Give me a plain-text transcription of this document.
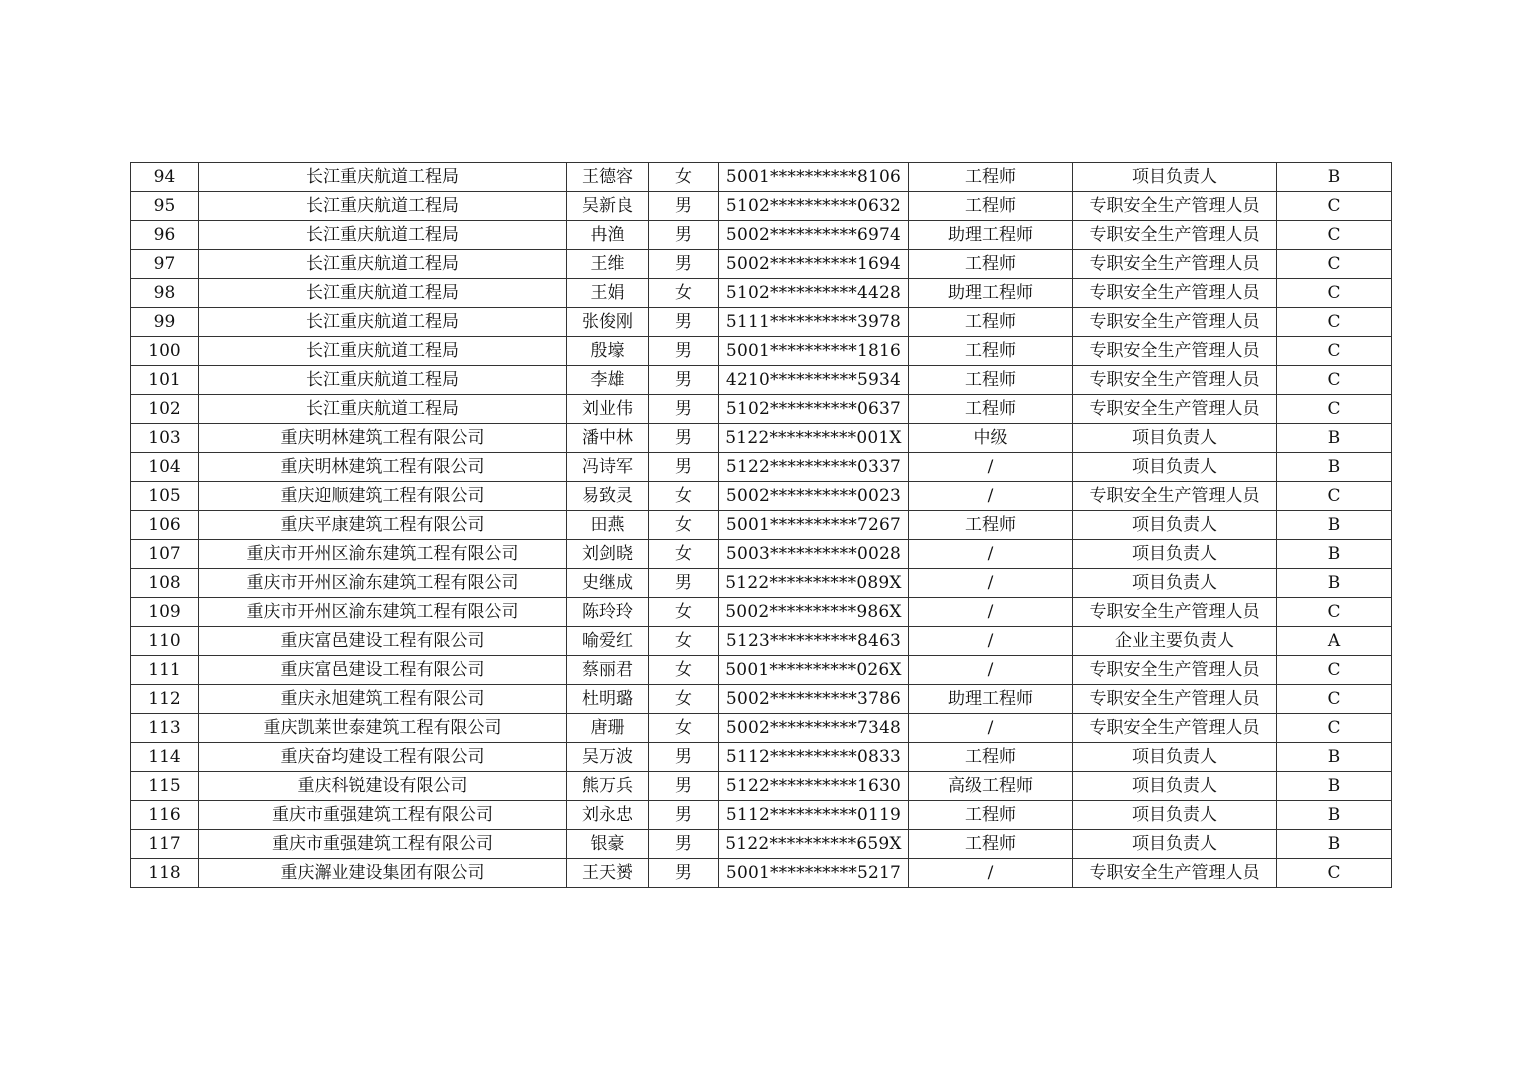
94	长江重庆航道工程局	王德容	女	5001**********8106	工程师	项目负责人	B
95	长江重庆航道工程局	吴新良	男	5102**********0632	工程师	专职安全生产管理人员	C
96	长江重庆航道工程局	冉渔	男	5002**********6974	助理工程师	专职安全生产管理人员	C
97	长江重庆航道工程局	王维	男	5002**********1694	工程师	专职安全生产管理人员	C
98	长江重庆航道工程局	王娟	女	5102**********4428	助理工程师	专职安全生产管理人员	C
99	长江重庆航道工程局	张俊刚	男	5111**********3978	工程师	专职安全生产管理人员	C
100	长江重庆航道工程局	殷壕	男	5001**********1816	工程师	专职安全生产管理人员	C
101	长江重庆航道工程局	李雄	男	4210**********5934	工程师	专职安全生产管理人员	C
102	长江重庆航道工程局	刘业伟	男	5102**********0637	工程师	专职安全生产管理人员	C
103	重庆明林建筑工程有限公司	潘中林	男	5122**********001X	中级	项目负责人	B
104	重庆明林建筑工程有限公司	冯诗军	男	5122**********0337	/	项目负责人	B
105	重庆迎顺建筑工程有限公司	易致灵	女	5002**********0023	/	专职安全生产管理人员	C
106	重庆平康建筑工程有限公司	田燕	女	5001**********7267	工程师	项目负责人	B
107	重庆市开州区渝东建筑工程有限公司	刘剑晓	女	5003**********0028	/	项目负责人	B
108	重庆市开州区渝东建筑工程有限公司	史继成	男	5122**********089X	/	项目负责人	B
109	重庆市开州区渝东建筑工程有限公司	陈玲玲	女	5002**********986X	/	专职安全生产管理人员	C
110	重庆富邑建设工程有限公司	喻爱红	女	5123**********8463	/	企业主要负责人	A
111	重庆富邑建设工程有限公司	蔡丽君	女	5001**********026X	/	专职安全生产管理人员	C
112	重庆永旭建筑工程有限公司	杜明璐	女	5002**********3786	助理工程师	专职安全生产管理人员	C
113	重庆凯莱世泰建筑工程有限公司	唐珊	女	5002**********7348	/	专职安全生产管理人员	C
114	重庆奋均建设工程有限公司	吴万波	男	5112**********0833	工程师	项目负责人	B
115	重庆科锐建设有限公司	熊万兵	男	5122**********1630	高级工程师	项目负责人	B
116	重庆市重强建筑工程有限公司	刘永忠	男	5112**********0119	工程师	项目负责人	B
117	重庆市重强建筑工程有限公司	银豪	男	5122**********659X	工程师	项目负责人	B
118	重庆澥业建设集团有限公司	王天赟	男	5001**********5217	/	专职安全生产管理人员	C
